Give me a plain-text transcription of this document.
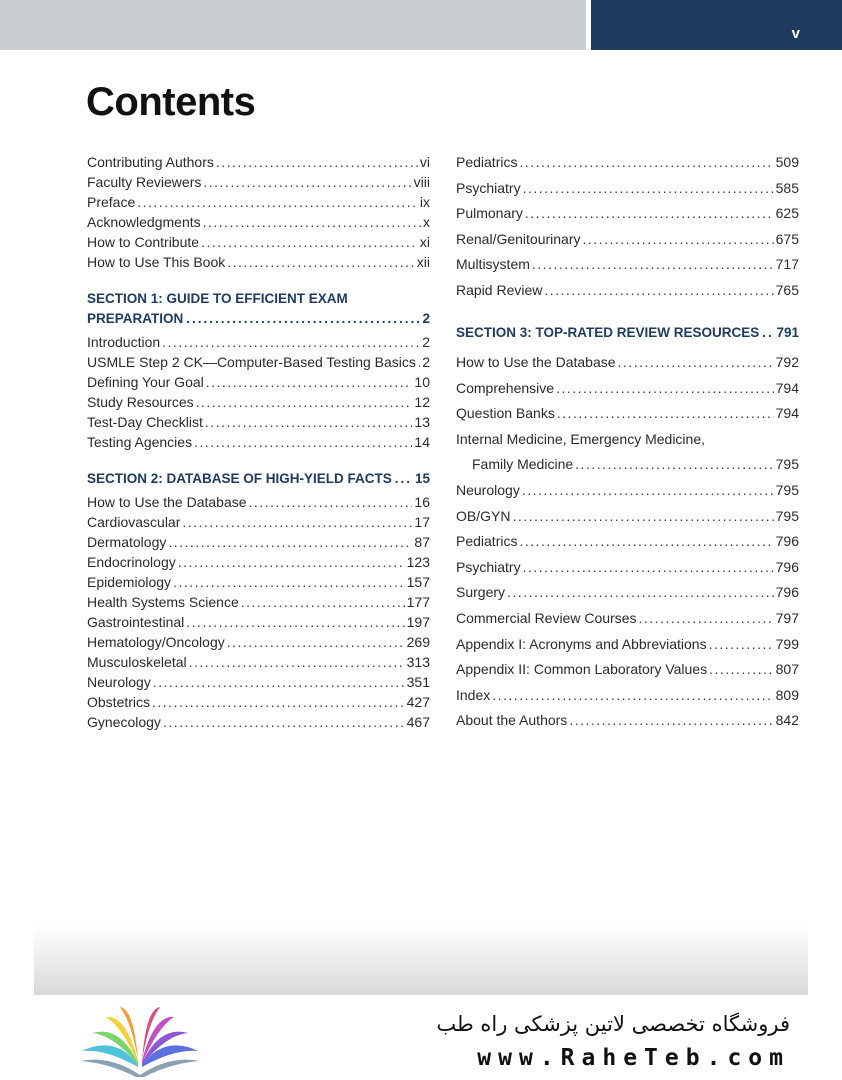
v
Contents
Contributing Authors .....	vi
Faculty Reviewers .....	viii
Preface .....	ix
Acknowledgments .....	x
How to Contribute .....	xi
How to Use This Book .....	xii
SECTION 1: GUIDE TO EFFICIENT EXAM
PREPARATION .....	2
Introduction .....	2
USMLE Step 2 CK—Computer-Based Testing Basics ..... 2
Defining Your Goal .....	10
Study Resources .....	12
Test-Day Checklist .....	13
Testing Agencies .....	14
SECTION 2: DATABASE OF HIGH-YIELD FACTS ..... 15
How to Use the Database .....	16
Cardiovascular .....	17
Dermatology .....	87
Endocrinology .....	123
Epidemiology .....	157
Health Systems Science .....	177
Gastrointestinal .....	197
Hematology/Oncology .....	269
Musculoskeletal .....	313
Neurology .....	351
Obstetrics .....	427
Gynecology .....	467
Pediatrics .....	509
Psychiatry .....	585
Pulmonary .....	625
Renal/Genitourinary .....	675
Multisystem .....	717
Rapid Review .....	765
SECTION 3: TOP-RATED REVIEW RESOURCES ..... 791
How to Use the Database .....	792
Comprehensive .....	794
Question Banks .....	794
Internal Medicine, Emergency Medicine,
Family Medicine .....	795
Neurology .....	795
OB/GYN .....	795
Pediatrics .....	796
Psychiatry .....	796
Surgery .....	796
Commercial Review Courses .....	797
Appendix I: Acronyms and Abbreviations .....	799
Appendix II: Common Laboratory Values .....	807
Index .....	809
About the Authors .....	842
فروشگاه تخصصی لاتین پزشکی راه طب
www.RaheTeb.com
